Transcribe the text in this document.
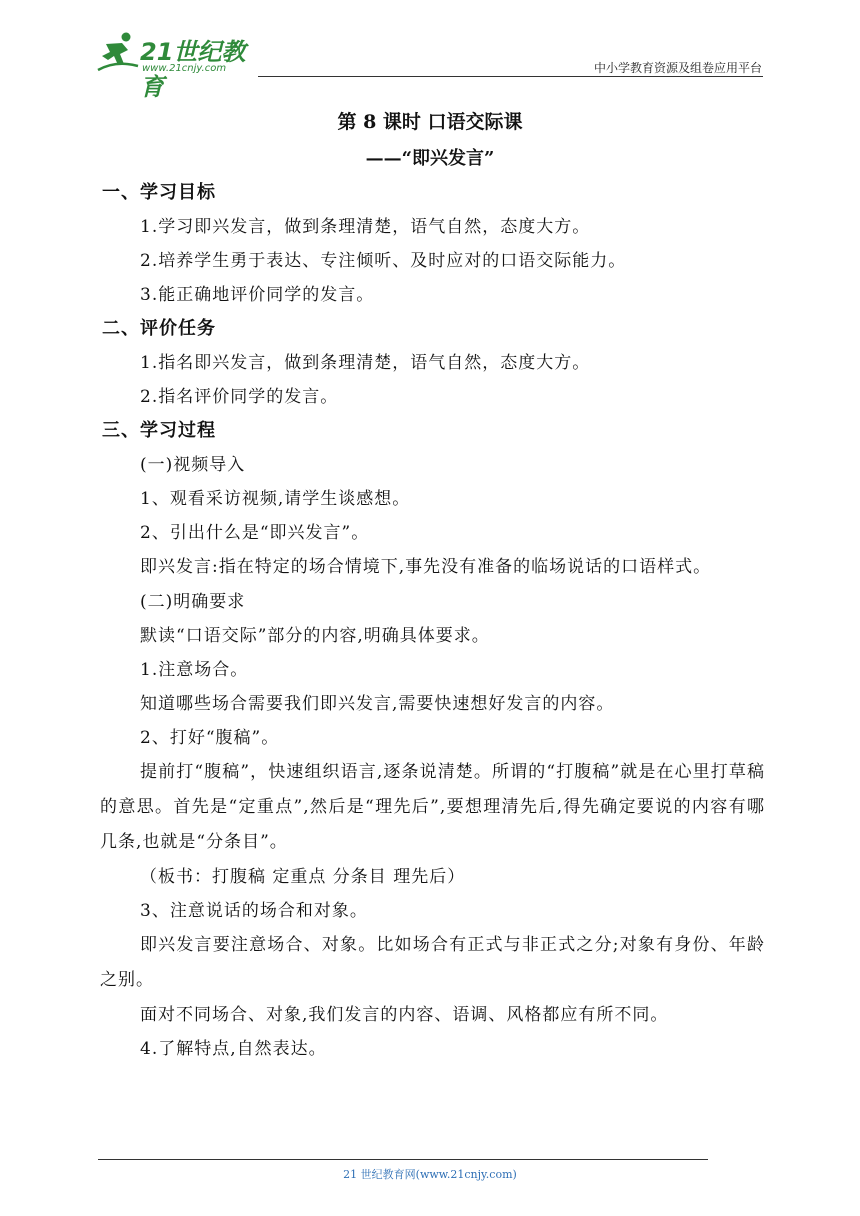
21世纪教育
www.21cnjy.com	中小学教育资源及组卷应用平台
第 8 课时 口语交际课
——“即兴发言”
一、学习目标
1.学习即兴发言，做到条理清楚，语气自然，态度大方。
2.培养学生勇于表达、专注倾听、及时应对的口语交际能力。
3.能正确地评价同学的发言。
二、评价任务
1.指名即兴发言，做到条理清楚，语气自然，态度大方。
2.指名评价同学的发言。
三、学习过程
(一)视频导入
1、观看采访视频,请学生谈感想。
2、引出什么是“即兴发言”。
即兴发言:指在特定的场合情境下,事先没有准备的临场说话的口语样式。
(二)明确要求
默读“口语交际”部分的内容,明确具体要求。
1.注意场合。
知道哪些场合需要我们即兴发言,需要快速想好发言的内容。
2、打好“腹稿”。
提前打“腹稿”，快速组织语言,逐条说清楚。所谓的“打腹稿”就是在心里打草稿的意思。首先是“定重点”,然后是“理先后”,要想理清先后,得先确定要说的内容有哪几条,也就是“分条目”。
（板书：打腹稿 定重点 分条目 理先后）
3、注意说话的场合和对象。
即兴发言要注意场合、对象。比如场合有正式与非正式之分;对象有身份、年龄之别。
面对不同场合、对象,我们发言的内容、语调、风格都应有所不同。
4.了解特点,自然表达。
21 世纪教育网(www.21cnjy.com)
